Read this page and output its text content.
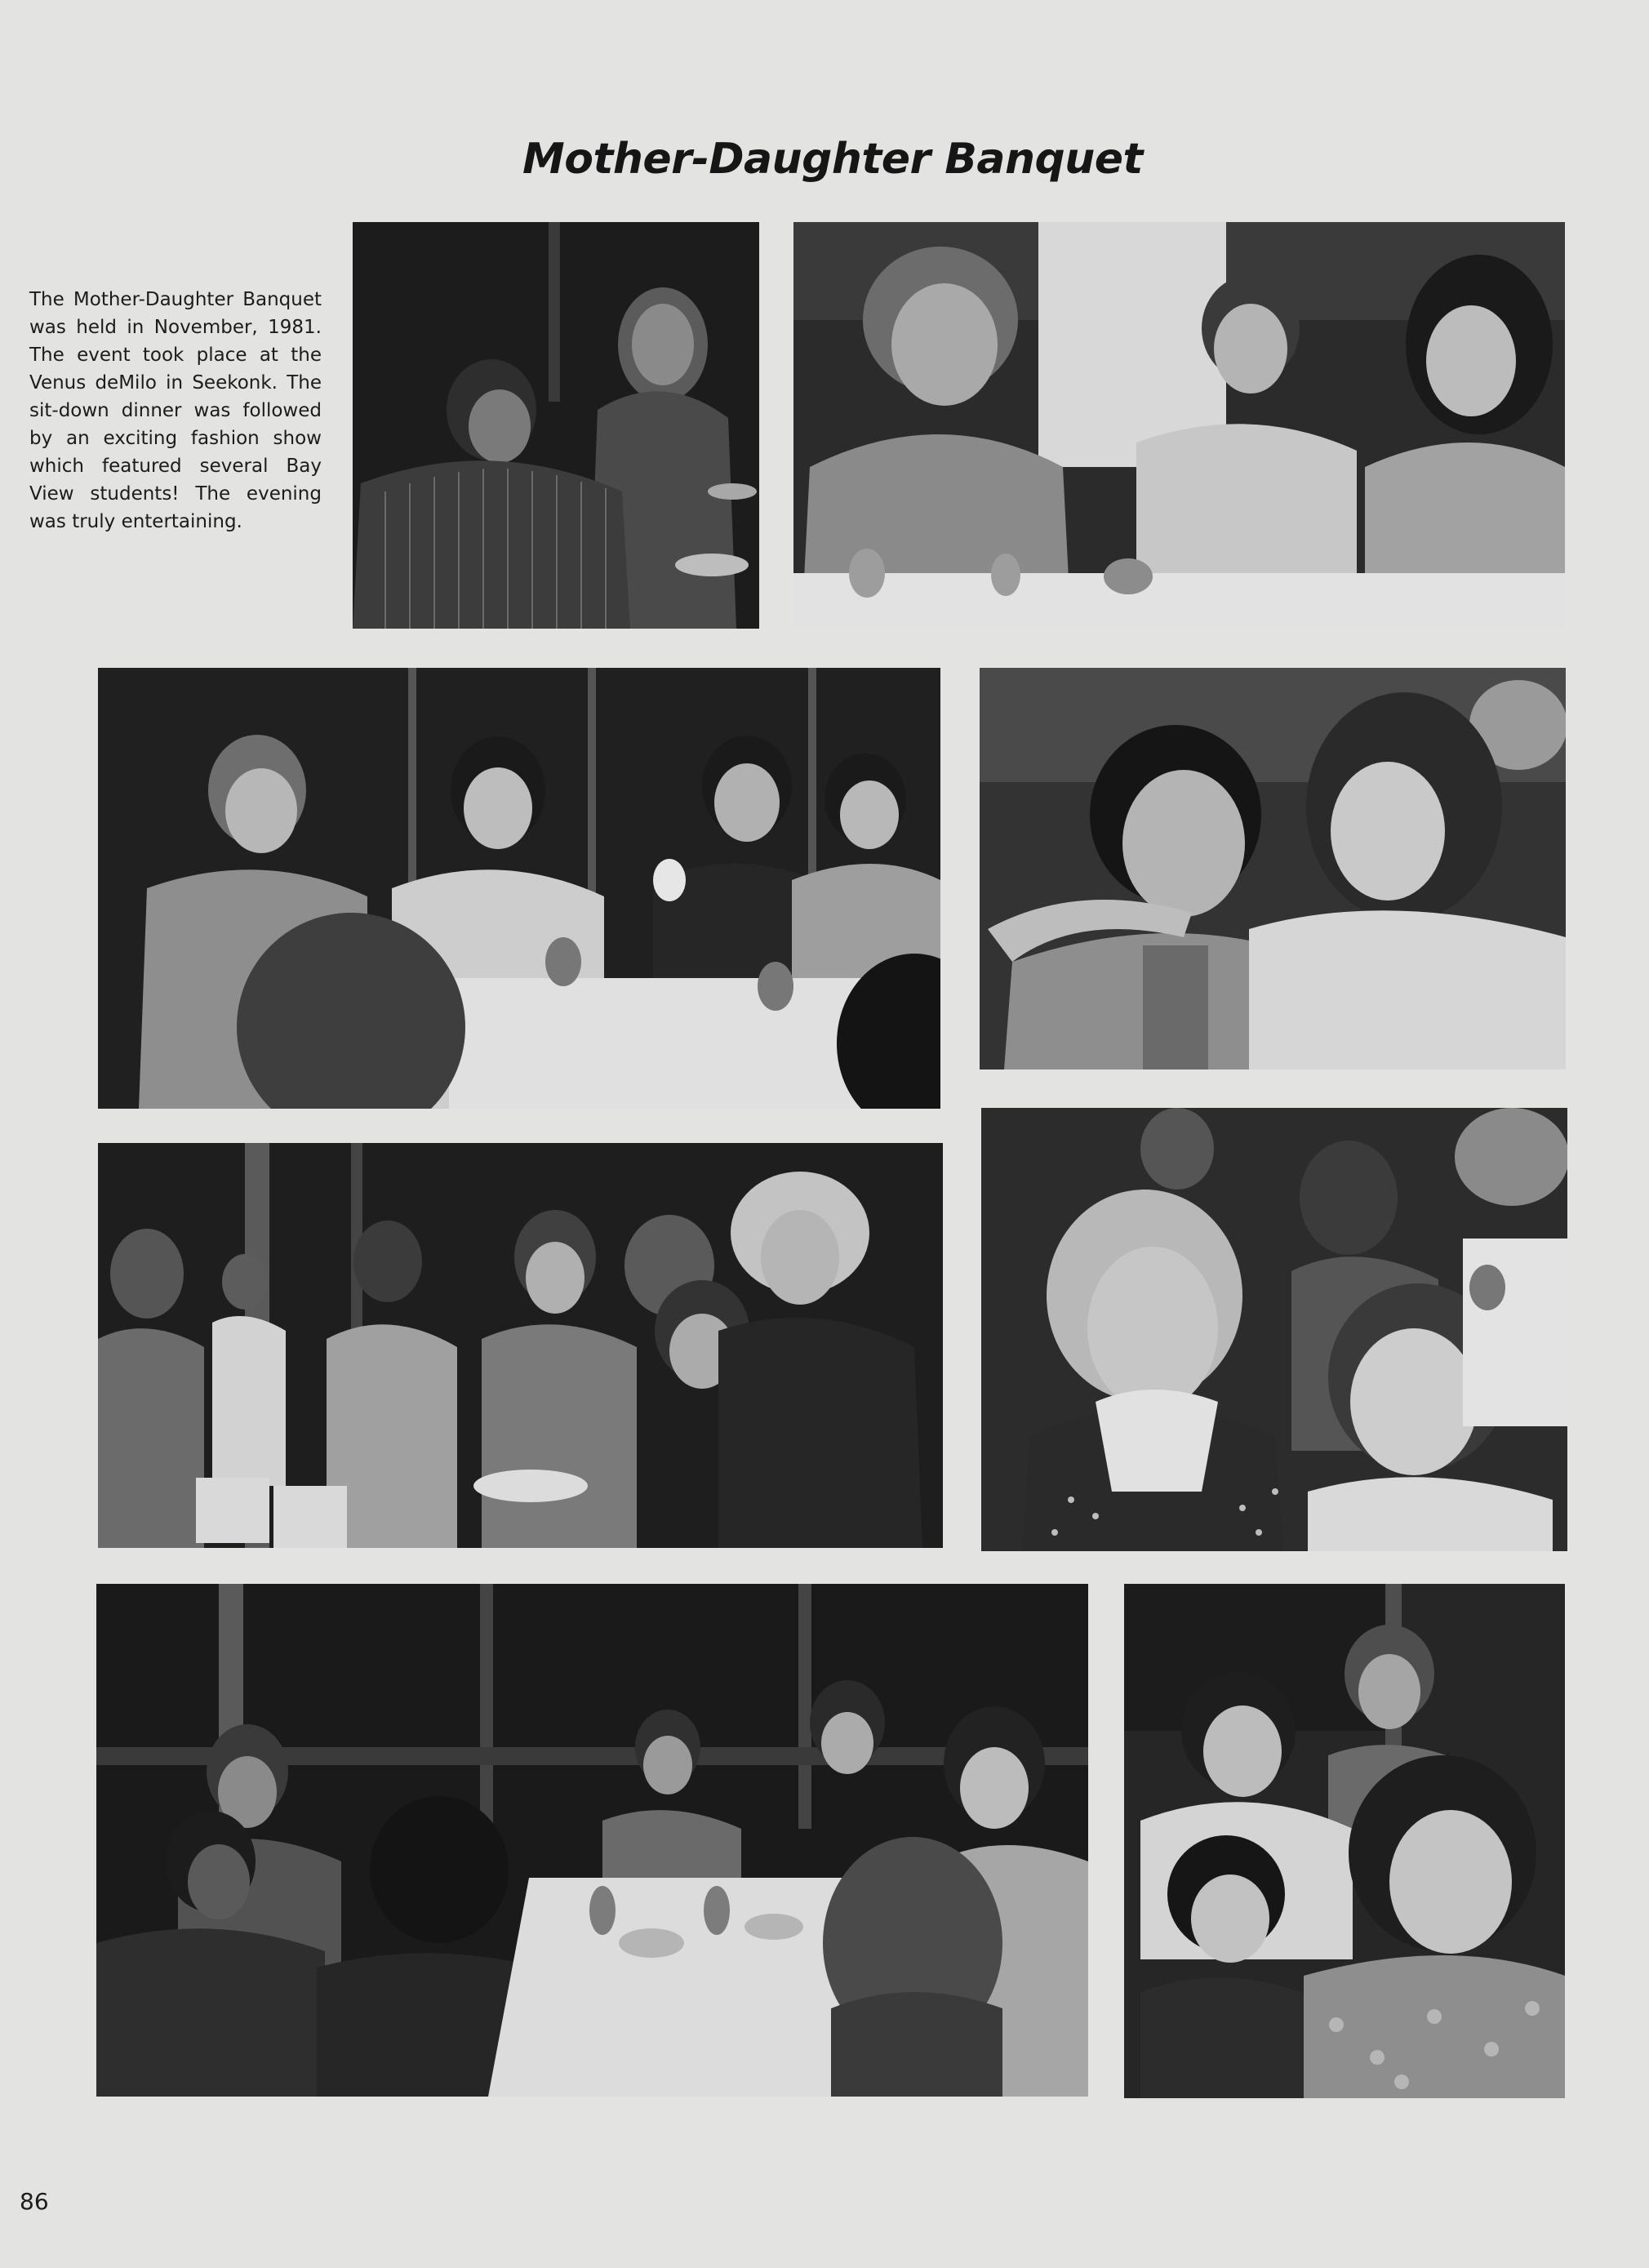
Mother-Daughter Banquet
The Mother-Daughter Banquet was held in November, 1981. The event took place at the Venus deMilo in Seekonk. The sit-down dinner was followed by an exciting fashion show which featured several Bay View students! The evening was truly entertaining.
86
